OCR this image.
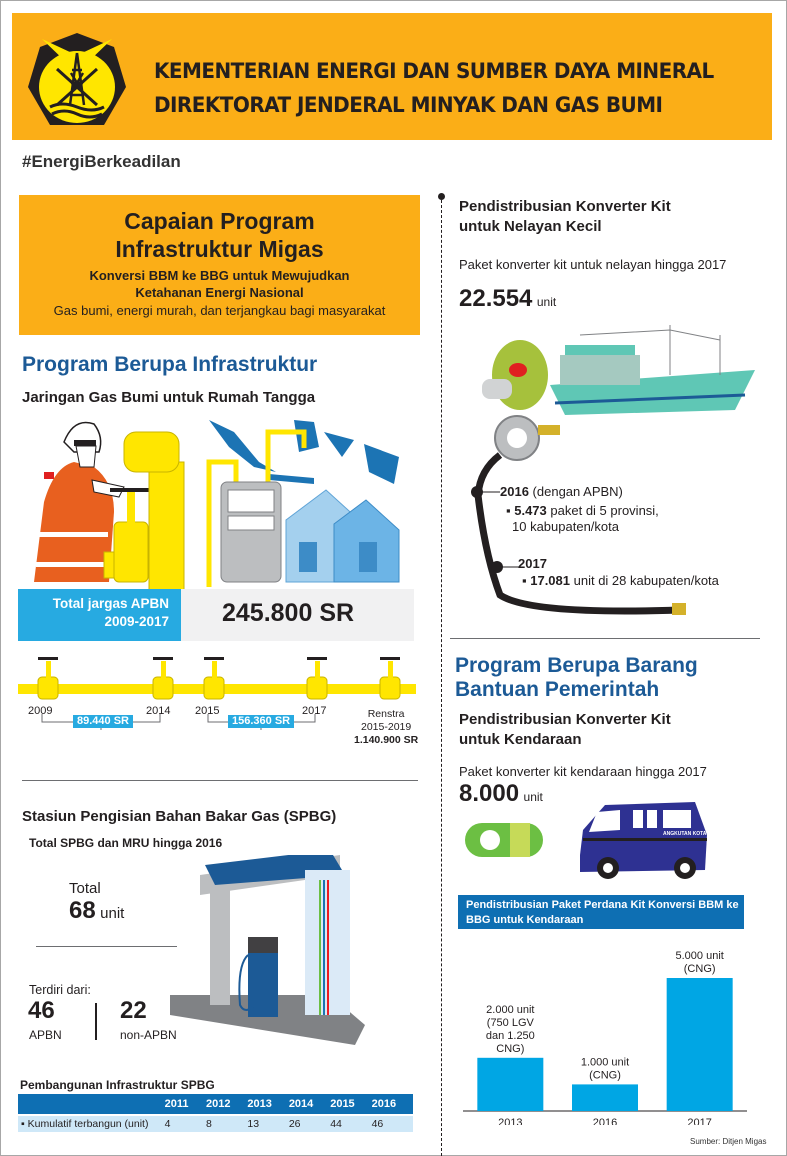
KEMENTERIAN ENERGI DAN SUMBER DAYA MINERAL
DIREKTORAT JENDERAL MINYAK DAN GAS BUMI
#EnergiBerkeadilan
Capaian Program
Infrastruktur Migas
Konversi BBM ke BBG untuk Mewujudkan
Ketahanan Energi Nasional
Gas bumi, energi murah, dan terjangkau bagi masyarakat
Program Berupa Infrastruktur
Jaringan Gas Bumi untuk Rumah Tangga
Total jargas APBN
2009-2017 245.800 SR
2009	2014 2015	2017
89.440 SR	156.360 SR
Renstra
2015-2019
1.140.900 SR
Stasiun Pengisian Bahan Bakar Gas (SPBG)
Total SPBG dan MRU hingga 2016
Total
68 unit
Terdiri dari:
46
APBN
22
non-APBN
Pembangunan Infrastruktur SPBG
2011	2012	2013	2014	2015	2016
▪ Kumulatif terbangun (unit)	4	8	13	26	44	46
Pendistribusian Konverter Kit
untuk Nelayan Kecil
Paket konverter kit untuk nelayan hingga 2017
22.554 unit
2016 (dengan APBN)
▪ 5.473 paket di 5 provinsi,
10 kabupaten/kota
2017
▪ 17.081 unit di 28 kabupaten/kota
Program Berupa Barang
Bantuan Pemerintah
Pendistribusian Konverter Kit
untuk Kendaraan
Paket konverter kit kendaraan hingga 2017
8.000 unit
ANGKUTAN KOTA
Pendistribusian Paket Perdana Kit Konversi BBM ke BBG untuk Kendaraan
2.000 unit
(750 LGV
dan 1.250
CNG)
2013
1.000 unit
(CNG)
2016
5.000 unit
(CNG)
2017
Sumber: Ditjen Migas
